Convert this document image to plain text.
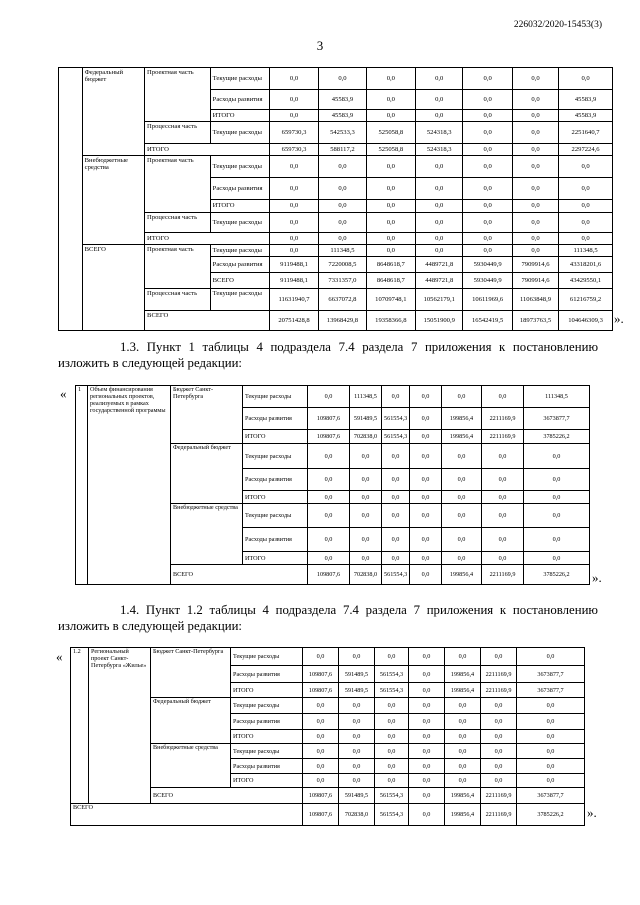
226032/2020-15453(3)
3
	Федеральный бюджет	Проектная часть	Текущие расходы	0,0	0,0	0,0	0,0	0,0	0,0	0,0
			Расходы развития	0,0	45583,9	0,0	0,0	0,0	0,0	45583,9
			ИТОГО	0,0	45583,9	0,0	0,0	0,0	0,0	45583,9
		Процессная часть	Текущие расходы	659730,3	542533,3	525058,8	524318,3	0,0	0,0	2251640,7
		ИТОГО		659730,3	588117,2	525058,8	524318,3	0,0	0,0	2297224,6
	Внебюджетные средства	Проектная часть	Текущие расходы	0,0	0,0	0,0	0,0	0,0	0,0	0,0
			Расходы развития	0,0	0,0	0,0	0,0	0,0	0,0	0,0
			ИТОГО	0,0	0,0	0,0	0,0	0,0	0,0	0,0
		Процессная часть	Текущие расходы	0,0	0,0	0,0	0,0	0,0	0,0	0,0
		ИТОГО		0,0	0,0	0,0	0,0	0,0	0,0	0,0
	ВСЕГО	Проектная часть	Текущие расходы	0,0	111348,5	0,0	0,0	0,0	0,0	111348,5
			Расходы развития	9119488,1	7220008,5	8648618,7	4489721,8	5930449,9	7909914,6	43318201,6
			ВСЕГО	9119488,1	7331357,0	8648618,7	4489721,8	5930449,9	7909914,6	43429550,1
		Процессная часть	Текущие расходы	11631940,7	6637072,8	10709748,1	10562179,1	10611969,6	11063848,9	61216759,2
		ВСЕГО		20751428,8	13968429,8	19358366,8	15051900,9	16542419,5	18973763,5	104646309,3 ».
1.3. Пункт 1 таблицы 4 подраздела 7.4 раздела 7 приложения к постановлению изложить в следующей редакции:
« 1	Объем финансирования региональных проектов, реализуемых в рамках государственной программы	Бюджет Санкт-Петербурга	Текущие расходы	0,0	111348,5	0,0	0,0	0,0	0,0	111348,5
			Расходы развития	109807,6	591489,5	561554,3	0,0	199856,4	2211169,9	3673877,7
			ИТОГО	109807,6	702838,0	561554,3	0,0	199856,4	2211169,9	3785226,2
		Федеральный бюджет	Текущие расходы	0,0	0,0	0,0	0,0	0,0	0,0	0,0
			Расходы развития	0,0	0,0	0,0	0,0	0,0	0,0	0,0
			ИТОГО	0,0	0,0	0,0	0,0	0,0	0,0	0,0
		Внебюджетные средства	Текущие расходы	0,0	0,0	0,0	0,0	0,0	0,0	0,0
			Расходы развития	0,0	0,0	0,0	0,0	0,0	0,0	0,0
			ИТОГО	0,0	0,0	0,0	0,0	0,0	0,0	0,0
		ВСЕГО		109807,6	702838,0	561554,3	0,0	199856,4	2211169,9	3785226,2 ».
1.4. Пункт 1.2 таблицы 4 подраздела 7.4 раздела 7 приложения к постановлению изложить в следующей редакции:
« 1.2	Региональный проект Санкт-Петербурга «Жилье»	Бюджет Санкт-Петербурга	Текущие расходы	0,0	0,0	0,0	0,0	0,0	0,0	0,0
			Расходы развития	109807,6	591489,5	561554,3	0,0	199856,4	2211169,9	3673877,7
			ИТОГО	109807,6	591489,5	561554,3	0,0	199856,4	2211169,9	3673877,7
		Федеральный бюджет	Текущие расходы	0,0	0,0	0,0	0,0	0,0	0,0	0,0
			Расходы развития	0,0	0,0	0,0	0,0	0,0	0,0	0,0
			ИТОГО	0,0	0,0	0,0	0,0	0,0	0,0	0,0
		Внебюджетные средства	Текущие расходы	0,0	0,0	0,0	0,0	0,0	0,0	0,0
			Расходы развития	0,0	0,0	0,0	0,0	0,0	0,0	0,0
			ИТОГО	0,0	0,0	0,0	0,0	0,0	0,0	0,0
		ВСЕГО		109807,6	591489,5	561554,3	0,0	199856,4	2211169,9	3673877,7
ВСЕГО				109807,6	702838,0	561554,3	0,0	199856,4	2211169,9	3785226,2 ».
